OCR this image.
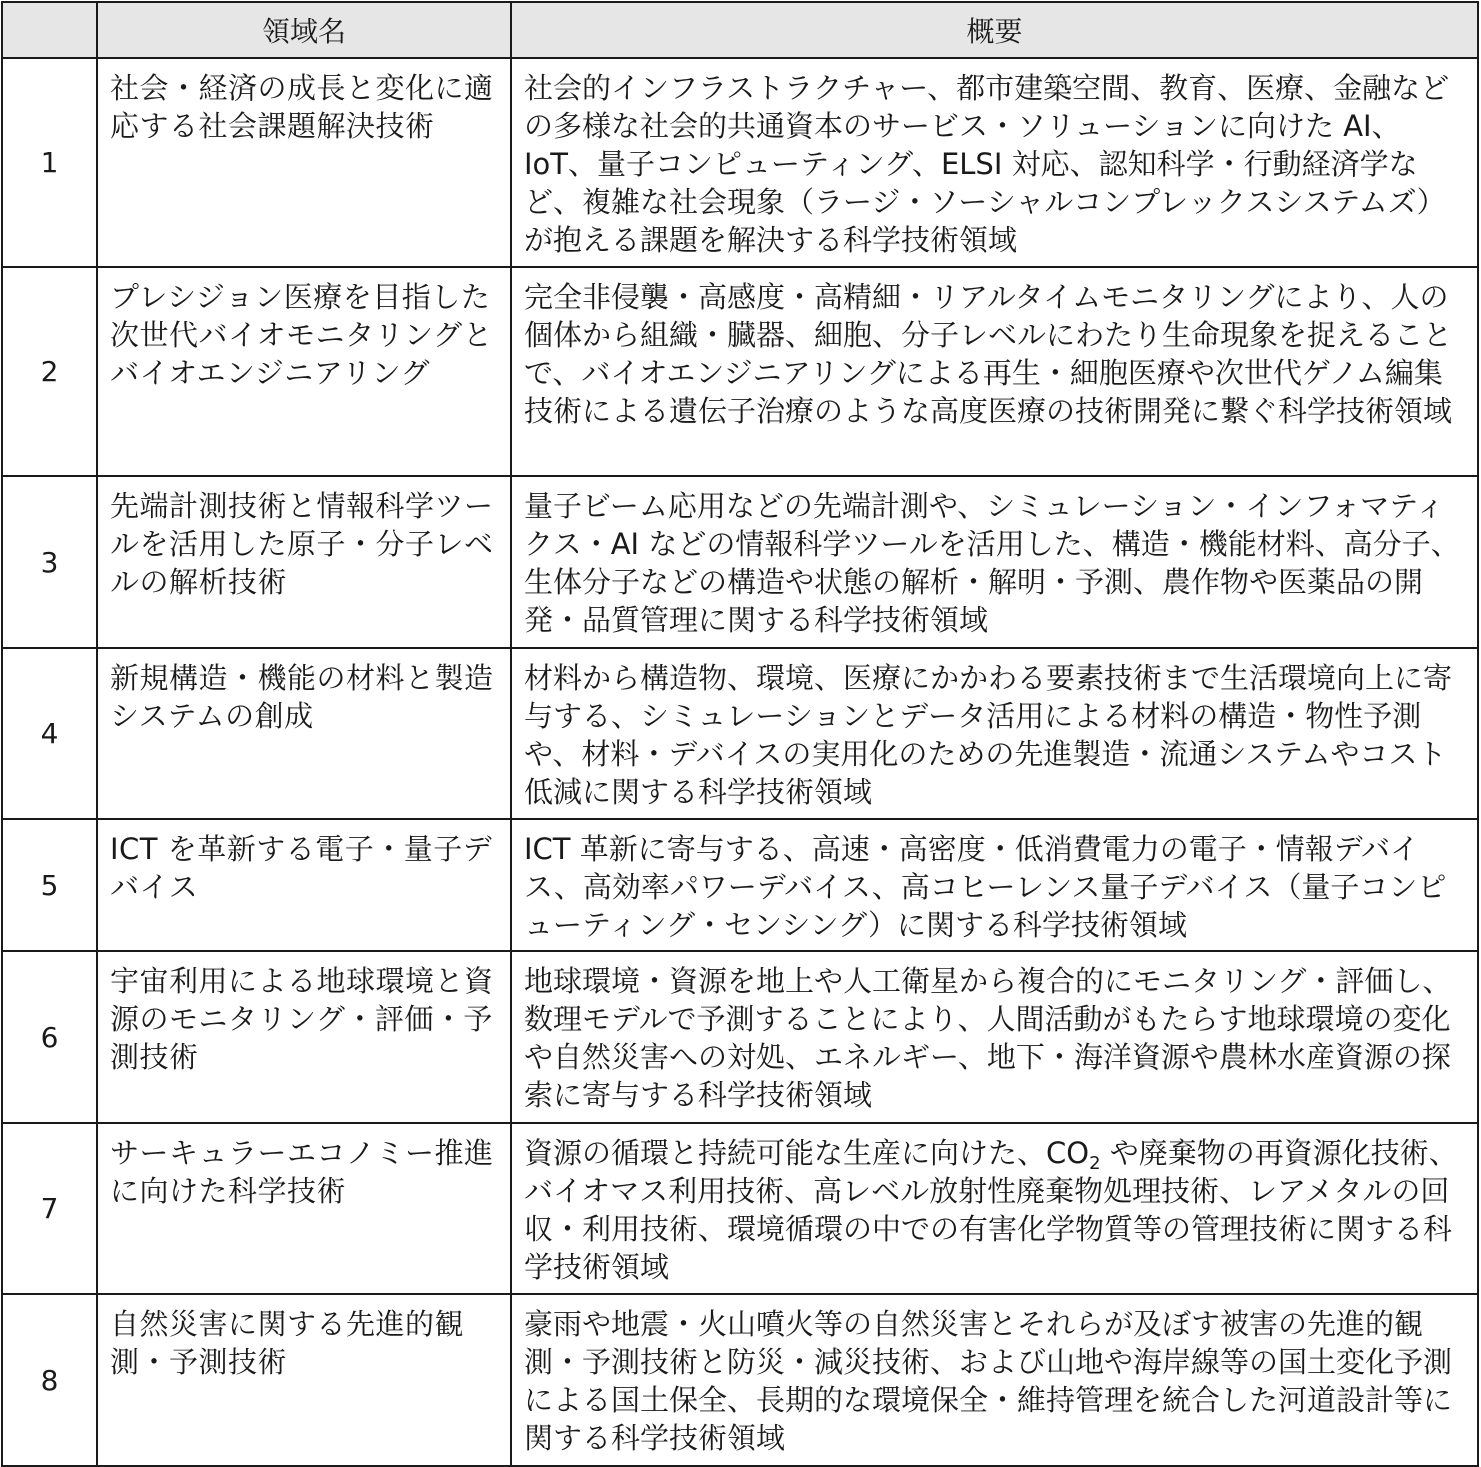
	領域名	概要
1	社会・経済の成長と変化に適応する社会課題解決技術	社会的インフラストラクチャー、都市建築空間、教育、医療、金融などの多様な社会的共通資本のサービス・ソリューションに向けた AI、IoT、量子コンピューティング、ELSI 対応、認知科学・行動経済学など、複雑な社会現象（ラージ・ソーシャルコンプレックスシステムズ）が抱える課題を解決する科学技術領域
2	プレシジョン医療を目指した次世代バイオモニタリングとバイオエンジニアリング	完全非侵襲・高感度・高精細・リアルタイムモニタリングにより、人の個体から組織・臓器、細胞、分子レベルにわたり生命現象を捉えることで、バイオエンジニアリングによる再生・細胞医療や次世代ゲノム編集技術による遺伝子治療のような高度医療の技術開発に繋ぐ科学技術領域
3	先端計測技術と情報科学ツールを活用した原子・分子レベルの解析技術	量子ビーム応用などの先端計測や、シミュレーション・インフォマティクス・AI などの情報科学ツールを活用した、構造・機能材料、高分子、生体分子などの構造や状態の解析・解明・予測、農作物や医薬品の開発・品質管理に関する科学技術領域
4	新規構造・機能の材料と製造システムの創成	材料から構造物、環境、医療にかかわる要素技術まで生活環境向上に寄与する、シミュレーションとデータ活用による材料の構造・物性予測や、材料・デバイスの実用化のための先進製造・流通システムやコスト低減に関する科学技術領域
5	ICT を革新する電子・量子デバイス	ICT 革新に寄与する、高速・高密度・低消費電力の電子・情報デバイス、高効率パワーデバイス、高コヒーレンス量子デバイス（量子コンピューティング・センシング）に関する科学技術領域
6	宇宙利用による地球環境と資源のモニタリング・評価・予測技術	地球環境・資源を地上や人工衛星から複合的にモニタリング・評価し、数理モデルで予測することにより、人間活動がもたらす地球環境の変化や自然災害への対処、エネルギー、地下・海洋資源や農林水産資源の探索に寄与する科学技術領域
7	サーキュラーエコノミー推進に向けた科学技術	資源の循環と持続可能な生産に向けた、$CO_2$ や廃棄物の再資源化技術、バイオマス利用技術、高レベル放射性廃棄物処理技術、レアメタルの回収・利用技術、環境循環の中での有害化学物質等の管理技術に関する科学技術領域
8	自然災害に関する先進的観測・予測技術	豪雨や地震・火山噴火等の自然災害とそれらが及ぼす被害の先進的観測・予測技術と防災・減災技術、および山地や海岸線等の国土変化予測による国土保全、長期的な環境保全・維持管理を統合した河道設計等に関する科学技術領域
